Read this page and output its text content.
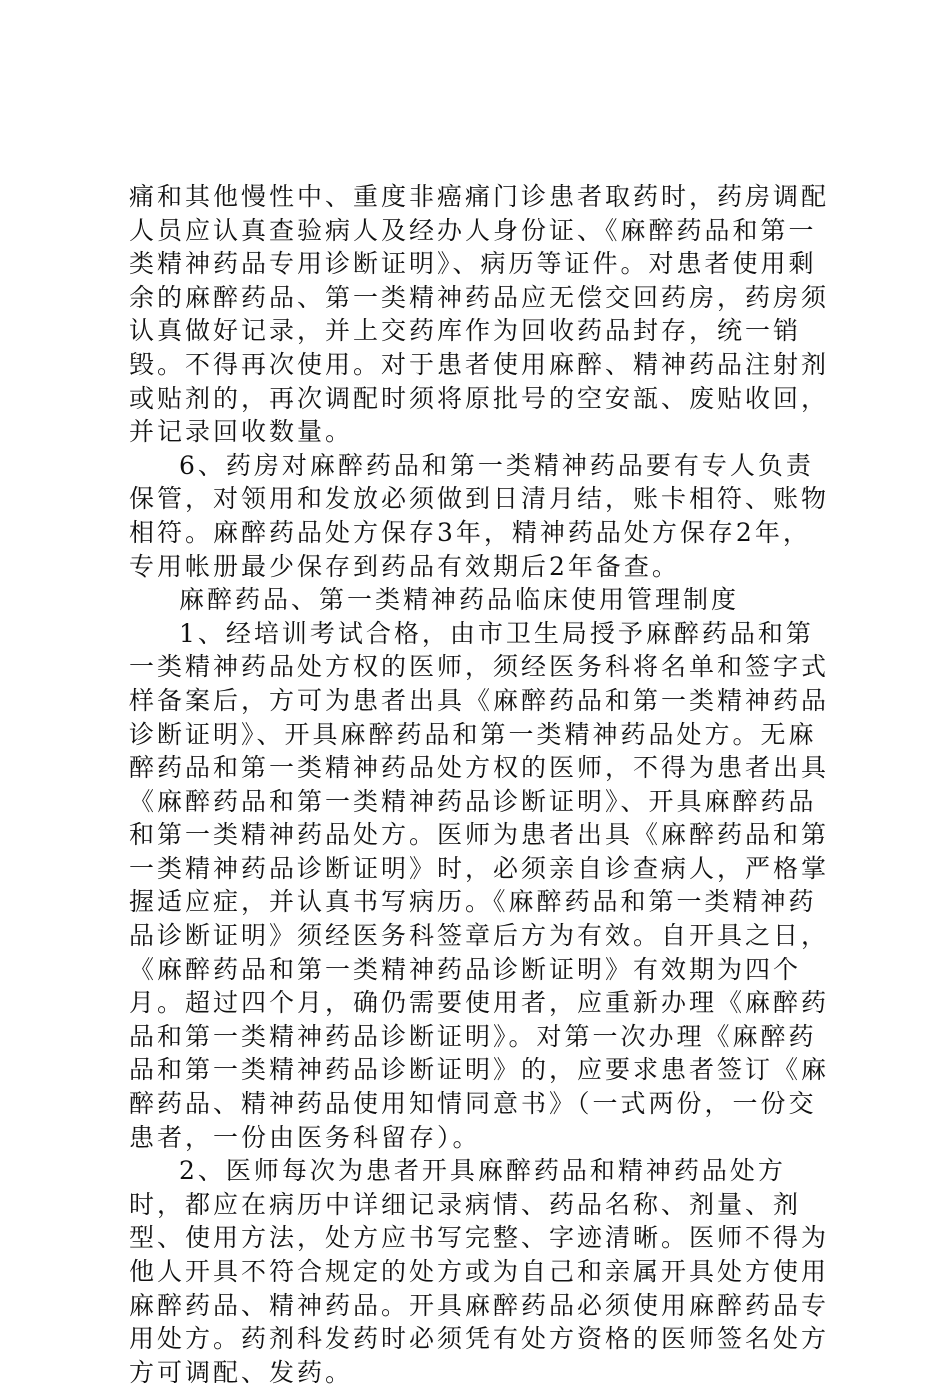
痛和其他慢性中、重度非癌痛门诊患者取药时，药房调配人员应认真查验病人及经办人身份证、《麻醉药品和第一类精神药品专用诊断证明》、病历等证件。对患者使用剩余的麻醉药品、第一类精神药品应无偿交回药房，药房须认真做好记录，并上交药库作为回收药品封存，统一销毁。不得再次使用。对于患者使用麻醉、精神药品注射剂或贴剂的，再次调配时须将原批号的空安瓿、废贴收回，并记录回收数量。

6、药房对麻醉药品和第一类精神药品要有专人负责保管，对领用和发放必须做到日清月结，账卡相符、账物相符。麻醉药品处方保存3年，精神药品处方保存2年，专用帐册最少保存到药品有效期后2年备查。

麻醉药品、第一类精神药品临床使用管理制度

1、经培训考试合格，由市卫生局授予麻醉药品和第一类精神药品处方权的医师，须经医务科将名单和签字式样备案后，方可为患者出具《麻醉药品和第一类精神药品诊断证明》、开具麻醉药品和第一类精神药品处方。无麻醉药品和第一类精神药品处方权的医师，不得为患者出具《麻醉药品和第一类精神药品诊断证明》、开具麻醉药品和第一类精神药品处方。医师为患者出具《麻醉药品和第一类精神药品诊断证明》时，必须亲自诊查病人，严格掌握适应症，并认真书写病历。《麻醉药品和第一类精神药品诊断证明》须经医务科签章后方为有效。自开具之日，《麻醉药品和第一类精神药品诊断证明》有效期为四个月。超过四个月，确仍需要使用者，应重新办理《麻醉药品和第一类精神药品诊断证明》。对第一次办理《麻醉药品和第一类精神药品诊断证明》的，应要求患者签订《麻醉药品、精神药品使用知情同意书》（一式两份，一份交患者，一份由医务科留存）。

2、医师每次为患者开具麻醉药品和精神药品处方时，都应在病历中详细记录病情、药品名称、剂量、剂型、使用方法，处方应书写完整、字迹清晰。医师不得为他人开具不符合规定的处方或为自己和亲属开具处方使用麻醉药品、精神药品。开具麻醉药品必须使用麻醉药品专用处方。药剂科发药时必须凭有处方资格的医师签名处方方可调配、发药。
